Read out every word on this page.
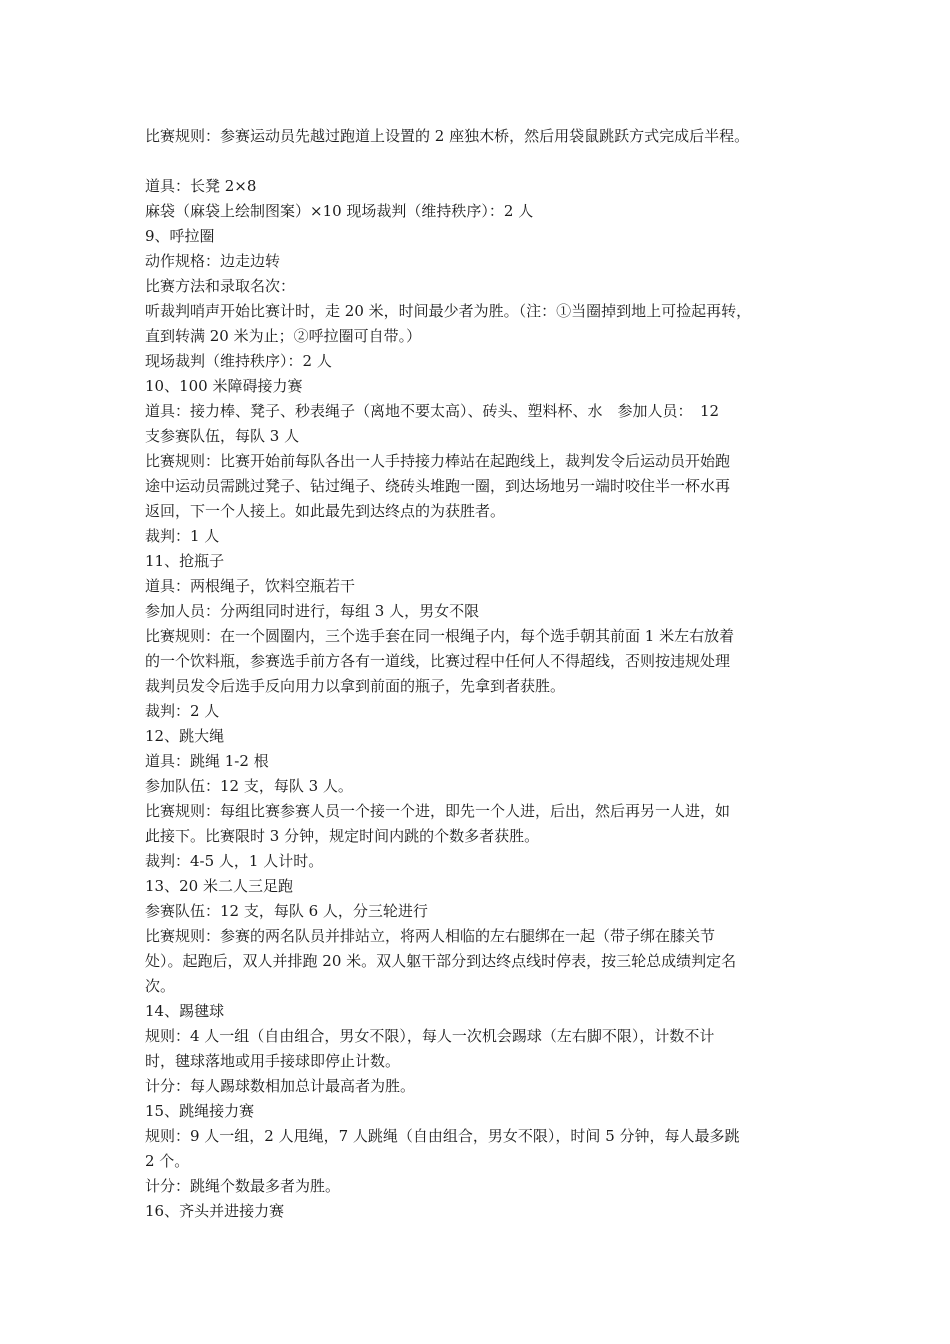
比赛规则：参赛运动员先越过跑道上设置的 2 座独木桥，然后用袋鼠跳跃方式完成后半程。
道具：长凳 2×8
麻袋（麻袋上绘制图案）×10 现场裁判（维持秩序）：2 人
9、呼拉圈
动作规格：边走边转
比赛方法和录取名次：
听裁判哨声开始比赛计时，走 20 米，时间最少者为胜。（注：①当圈掉到地上可捡起再转，
直到转满 20 米为止；②呼拉圈可自带。）
现场裁判（维持秩序）：2 人
10、100 米障碍接力赛
道具：接力棒、凳子、秒表绳子（离地不要太高）、砖头、塑料杯、水　参加人员：　12
支参赛队伍，每队 3 人
比赛规则：比赛开始前每队各出一人手持接力棒站在起跑线上，裁判发令后运动员开始跑
途中运动员需跳过凳子、钻过绳子、绕砖头堆跑一圈，到达场地另一端时咬住半一杯水再
返回，下一个人接上。如此最先到达终点的为获胜者。
裁判：1 人
11、抢瓶子
道具：两根绳子，饮料空瓶若干
参加人员：分两组同时进行，每组 3 人，男女不限
比赛规则：在一个圆圈内，三个选手套在同一根绳子内，每个选手朝其前面 1 米左右放着
的一个饮料瓶，参赛选手前方各有一道线，比赛过程中任何人不得超线，否则按违规处理
裁判员发令后选手反向用力以拿到前面的瓶子，先拿到者获胜。
裁判：2 人
12、跳大绳
道具：跳绳 1-2 根
参加队伍：12 支，每队 3 人。
比赛规则：每组比赛参赛人员一个接一个进，即先一个人进，后出，然后再另一人进，如
此接下。比赛限时 3 分钟，规定时间内跳的个数多者获胜。
裁判：4-5 人，1 人计时。
13、20 米二人三足跑
参赛队伍：12 支，每队 6 人，分三轮进行
比赛规则：参赛的两名队员并排站立，将两人相临的左右腿绑在一起（带子绑在膝关节
处）。起跑后，双人并排跑 20 米。双人躯干部分到达终点线时停表，按三轮总成绩判定名
次。
14、踢毽球
规则：4 人一组（自由组合，男女不限），每人一次机会踢球（左右脚不限），计数不计
时，毽球落地或用手接球即停止计数。
计分：每人踢球数相加总计最高者为胜。
15、跳绳接力赛
规则：9 人一组，2 人甩绳，7 人跳绳（自由组合，男女不限），时间 5 分钟，每人最多跳
2 个。
计分：跳绳个数最多者为胜。
16、齐头并进接力赛
